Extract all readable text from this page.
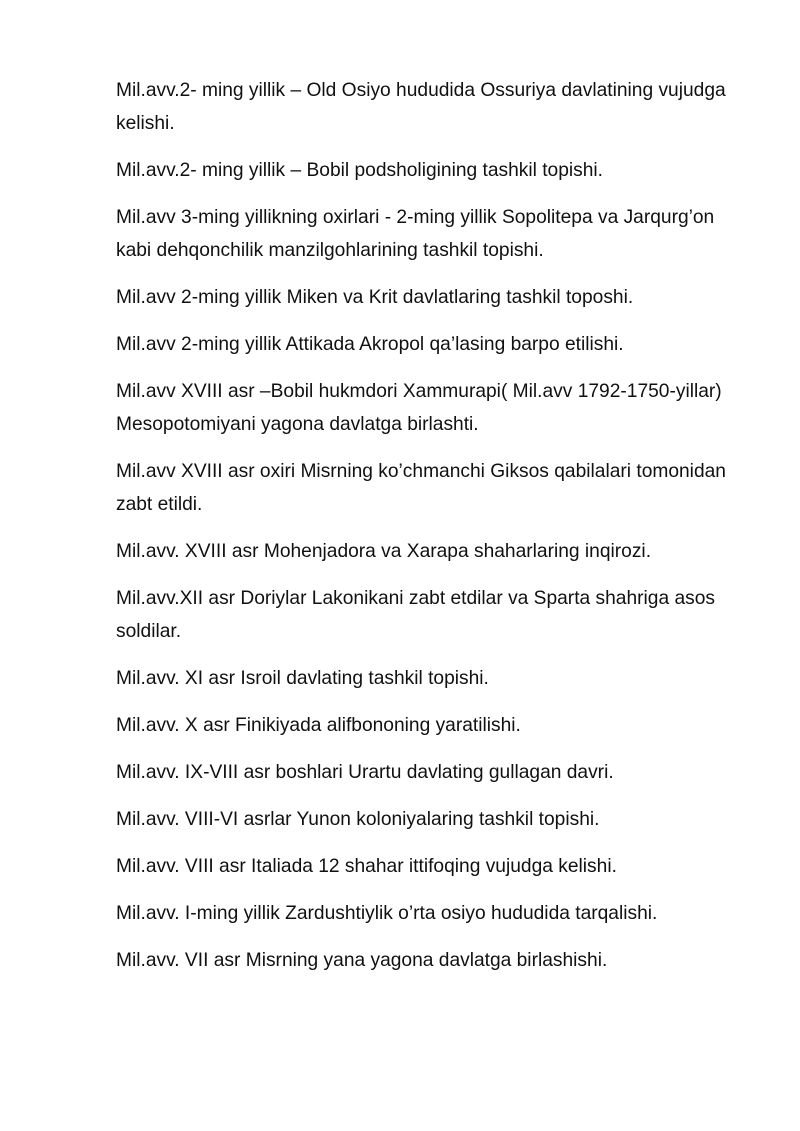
Mil.avv.2- ming yillik – Old Osiyo hududida Ossuriya davlatining vujudga kelishi.

Mil.avv.2- ming yillik – Bobil podsholigining tashkil topishi.

Mil.avv 3-ming yillikning oxirlari - 2-ming yillik Sopolitepa va Jarqurg’on kabi dehqonchilik manzilgohlarining tashkil topishi.

Mil.avv 2-ming yillik Miken va Krit davlatlaring tashkil toposhi.

Mil.avv 2-ming yillik Attikada Akropol qa’lasing barpo etilishi.

Mil.avv XVIII asr –Bobil hukmdori Xammurapi( Mil.avv 1792-1750-yillar) Mesopotomiyani yagona davlatga birlashti.

Mil.avv XVIII asr oxiri Misrning ko’chmanchi Giksos qabilalari tomonidan zabt etildi.

Mil.avv. XVIII asr Mohenjadora va Xarapa shaharlaring inqirozi.

Mil.avv.XII asr Doriylar Lakonikani zabt etdilar va Sparta shahriga asos soldilar.

Mil.avv. XI asr Isroil davlating tashkil topishi.

Mil.avv. X asr Finikiyada alifbononing yaratilishi.

Mil.avv. IX-VIII asr boshlari Urartu davlating gullagan davri.

Mil.avv. VIII-VI asrlar Yunon koloniyalaring tashkil topishi.

Mil.avv. VIII asr Italiada 12 shahar ittifoqing vujudga kelishi.

Mil.avv. I-ming yillik Zardushtiylik o’rta osiyo hududida tarqalishi.

Mil.avv. VII asr Misrning yana yagona davlatga birlashishi.
